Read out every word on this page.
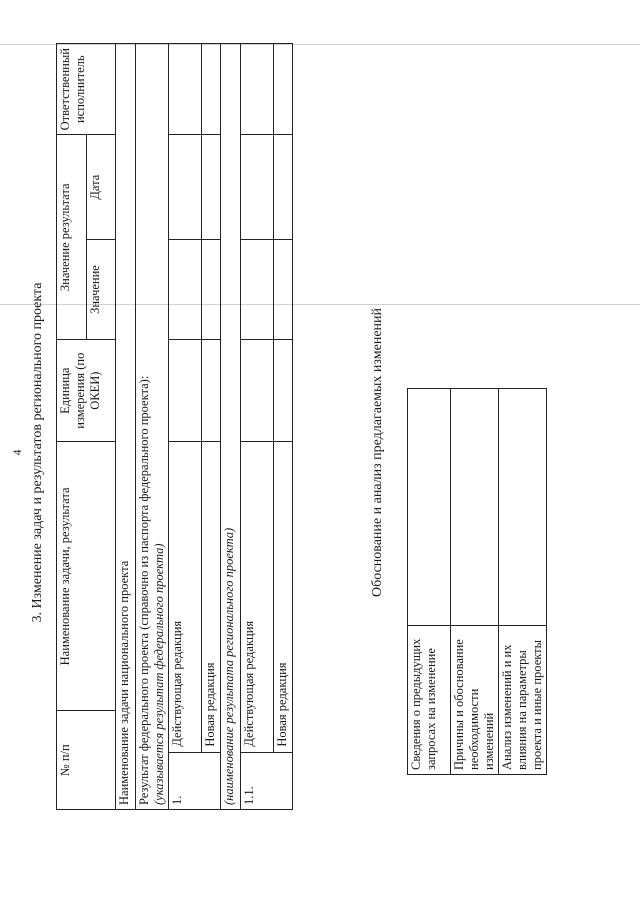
4 3. Изменение задач и результатов регионального проекта
№ п/п		Наименование задачи, результата	Единица измерения (по ОКЕИ)	Значение результата		Ответственный исполнитель
				Значение	Дата	
Наименование задачи национального проекта						

Результат федерального проекта (справочно из паспорта федерального проекта): (указывается результат федерального проекта)						

1.	Действующая редакция					
	Новая редакция					
(наименование результата регионального проекта)						
1.1.	Действующая редакция					
	Новая редакция					
Обоснование и анализ предлагаемых изменений
Сведения о предыдущих запросах на изменение	
Причины и обоснование необходимости изменений	
Анализ изменений и их влияния на параметры проекта и иные проекты	
